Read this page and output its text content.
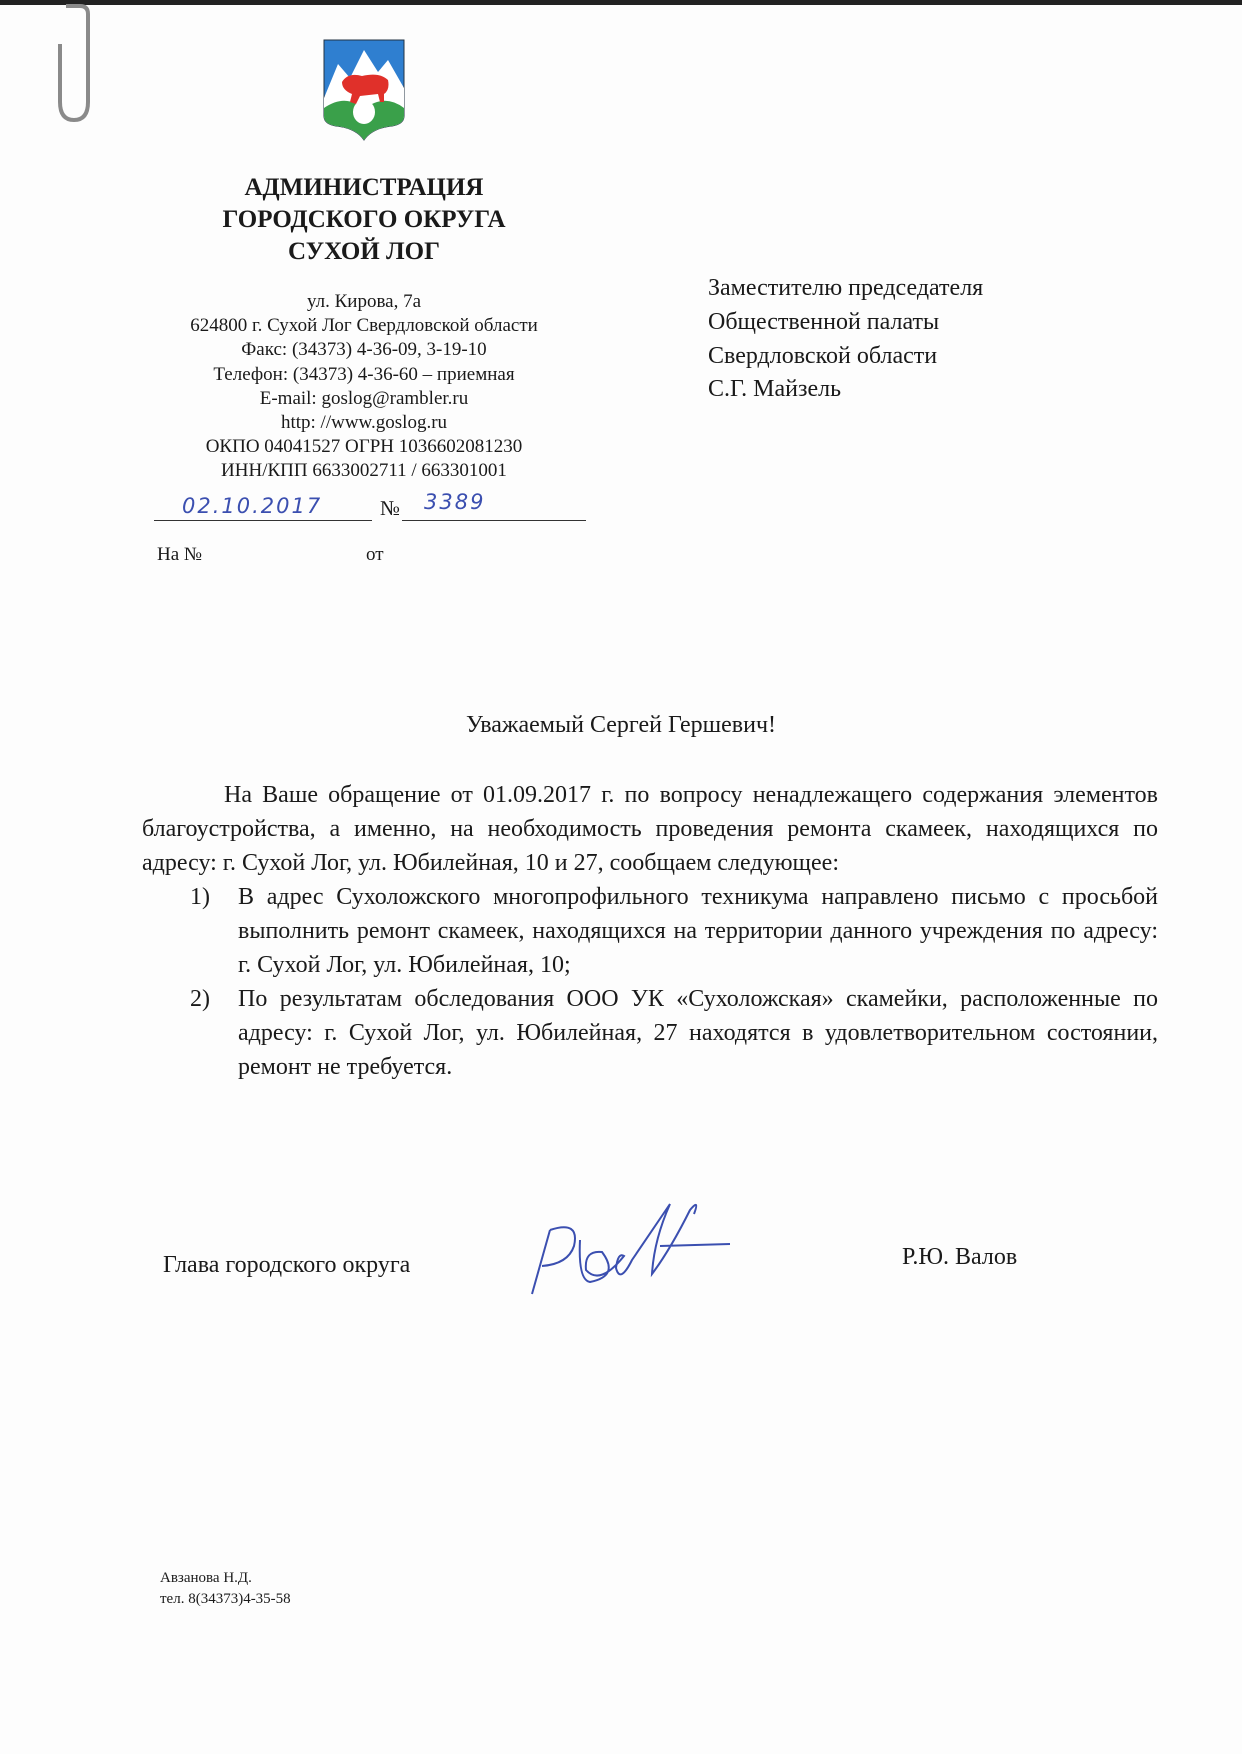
АДМИНИСТРАЦИЯ
ГОРОДСКОГО ОКРУГА
СУХОЙ ЛОГ
ул. Кирова, 7а
624800 г. Сухой Лог Свердловской области
Факс: (34373) 4-36-09, 3-19-10
Телефон: (34373) 4-36-60 – приемная
E-mail: goslog@rambler.ru
http: //www.goslog.ru
ОКПО 04041527 ОГРН 1036602081230
ИНН/КПП 6633002711 / 663301001
02.10.2017	№ 3389
На №	от
Заместителю председателя
Общественной палаты
Свердловской области
С.Г. Майзель
Уважаемый Сергей Гершевич!

На Ваше обращение от 01.09.2017 г. по вопросу ненадлежащего содержания элементов благоустройства, а именно, на необходимость проведения ремонта скамеек, находящихся по адресу: г. Сухой Лог, ул. Юбилейная, 10 и 27, сообщаем следующее:

1) В адрес Сухоложского многопрофильного техникума направлено письмо с просьбой выполнить ремонт скамеек, находящихся на территории данного учреждения по адресу: г. Сухой Лог, ул. Юбилейная, 10;
2) По результатам обследования ООО УК «Сухоложская» скамейки, расположенные по адресу: г. Сухой Лог, ул. Юбилейная, 27 находятся в удовлетворительном состоянии, ремонт не требуется.
Глава городского округа	Р.Ю. Валов
Авзанова Н.Д.
тел. 8(34373)4-35-58
